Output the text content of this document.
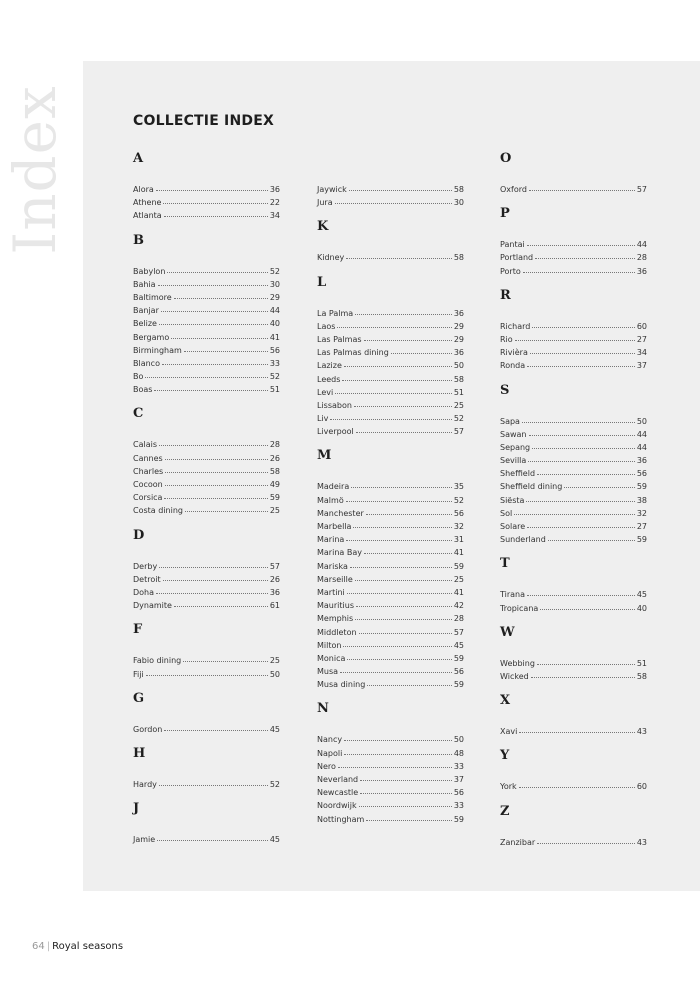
Index	COLLECTIE INDEX
A
Alora	36
Athene	22
Atlanta	34
B
Babylon	52
Bahia	30
Baltimore	29
Banjar	44
Belize	40
Bergamo	41
Birmingham	56
Blanco	33
Bo	52
Boas	51
C
Calais	28
Cannes	26
Charles	58
Cocoon	49
Corsica	59
Costa dining	25
D
Derby	57
Detroit	26
Doha	36
Dynamite	61
F
Fabio dining	25
Fiji	50
G
Gordon	45
H
Hardy	52
J
Jamie	45
Jaywick	58
Jura	30
K
Kidney	58
L
La Palma	36
Laos	29
Las Palmas	29
Las Palmas dining	36
Lazize	50
Leeds	58
Levi	51
Lissabon	25
Liv	52
Liverpool	57
M
Madeira	35
Malmö	52
Manchester	56
Marbella	32
Marina	31
Marina Bay	41
Mariska	59
Marseille	25
Martini	41
Mauritius	42
Memphis	28
Middleton	57
Milton	45
Monica	59
Musa	56
Musa dining	59
N
Nancy	50
Napoli	48
Nero	33
Neverland	37
Newcastle	56
Noordwijk	33
Nottingham	59
O
Oxford	57
P
Pantai	44
Portland	28
Porto	36
R
Richard	60
Rio	27
Rivièra	34
Ronda	37
S
Sapa	50
Sawan	44
Sepang	44
Sevilla	36
Sheffield	56
Sheffield dining	59
Siësta	38
Sol	32
Solare	27
Sunderland	59
T
Tirana	45
Tropicana	40
W
Webbing	51
Wicked	58
X
Xavi	43
Y
York	60
Z
Zanzibar	43
64 | Royal seasons
